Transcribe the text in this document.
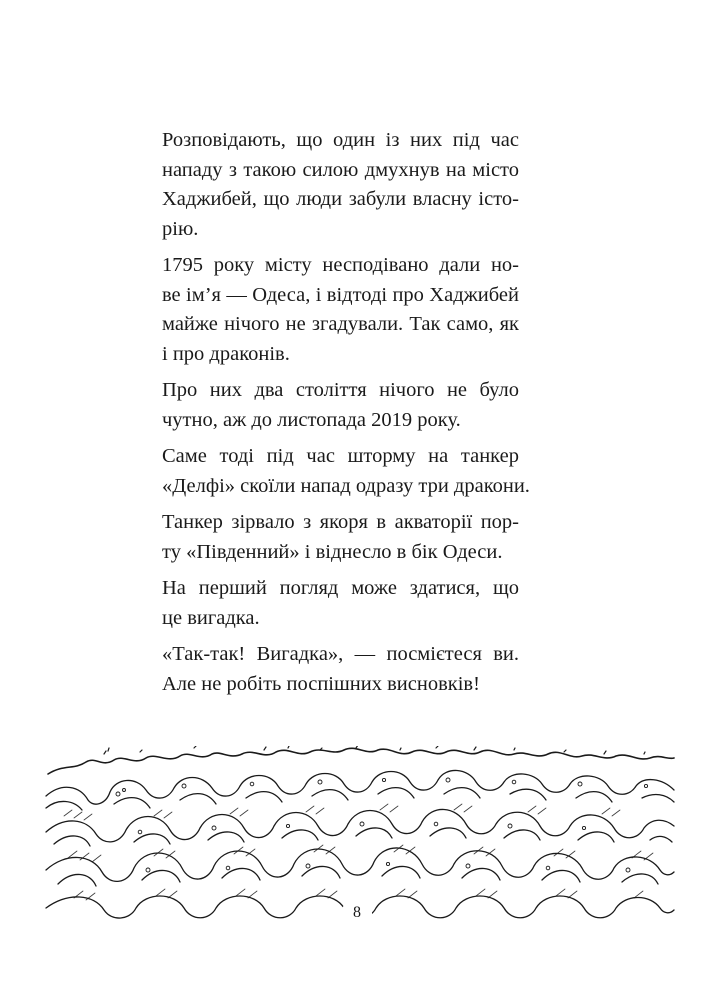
Розповідають, що один із них під час
нападу з такою силою дмухнув на місто
Хаджибей, що люди забули власну істо-
рію.

1795 року місту несподівано дали но-
ве ім’я — Одеса, і відтоді про Хаджибей
майже нічого не згадували. Так само, як
і про драконів.

Про них два століття нічого не було
чутно, аж до листопада 2019 року.

Саме тоді під час шторму на танкер
«Делфі» скоїли напад одразу три дракони.

Танкер зірвало з якоря в акваторії пор-
ту «Південний» і віднесло в бік Одеси.

На перший погляд може здатися, що
це вигадка.

«Так-так! Вигадка», — посмієтеся ви.
Але не робіть поспішних висновків!

8
